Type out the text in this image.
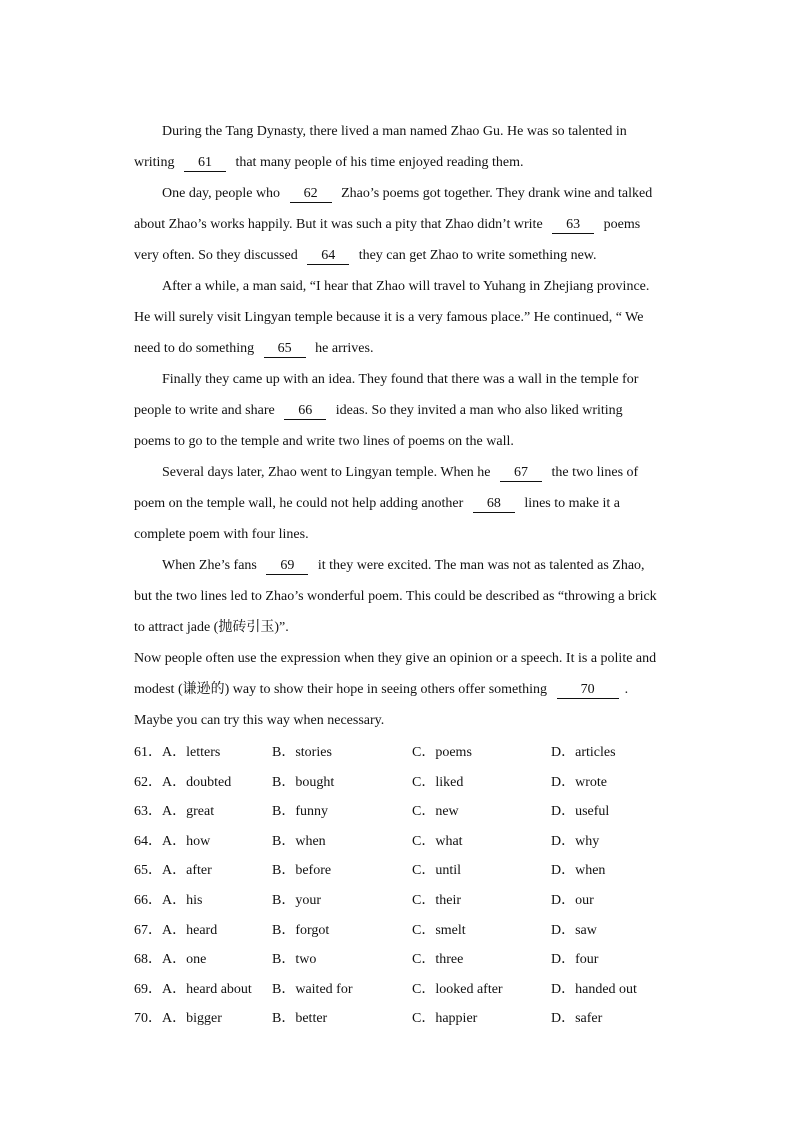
During the Tang Dynasty, there lived a man named Zhao Gu. He was so talented in
writing 61 that many people of his time enjoyed reading them.
One day, people who 62 Zhao’s poems got together. They drank wine and talked
about Zhao’s works happily. But it was such a pity that Zhao didn’t write 63 poems
very often. So they discussed 64 they can get Zhao to write something new.
After a while, a man said, “I hear that Zhao will travel to Yuhang in Zhejiang province.
He will surely visit Lingyan temple because it is a very famous place.” He continued, “ We
need to do something 65 he arrives.
Finally they came up with an idea. They found that there was a wall in the temple for
people to write and share 66 ideas. So they invited a man who also liked writing
poems to go to the temple and write two lines of poems on the wall.
Several days later, Zhao went to Lingyan temple. When he 67 the two lines of
poem on the temple wall, he could not help adding another 68 lines to make it a
complete poem with four lines.
When Zhe’s fans 69 it they were excited. The man was not as talented as Zhao,
but the two lines led to Zhao’s wonderful poem. This could be described as “throwing a brick
to attract jade (抛砖引玉)”.
Now people often use the expression when they give an opinion or a speech. It is a polite and
modest (谦逊的) way to show their hope in seeing others offer something 70 .
Maybe you can try this way when necessary.
61． A．letters	B．stories	C．poems	D．articles
62． A．doubted	B．bought	C．liked	D．wrote
63． A．great	B．funny	C．new	D．useful
64． A．how	B．when	C．what	D．why
65． A．after	B．before	C．until	D．when
66． A．his	B．your	C．their	D．our
67． A．heard	B．forgot	C．smelt	D．saw
68． A．one	B．two	C．three	D．four
69． A．heard about B．waited for	C．looked after	D．handed out
70． A．bigger	B．better	C．happier	D．safer
